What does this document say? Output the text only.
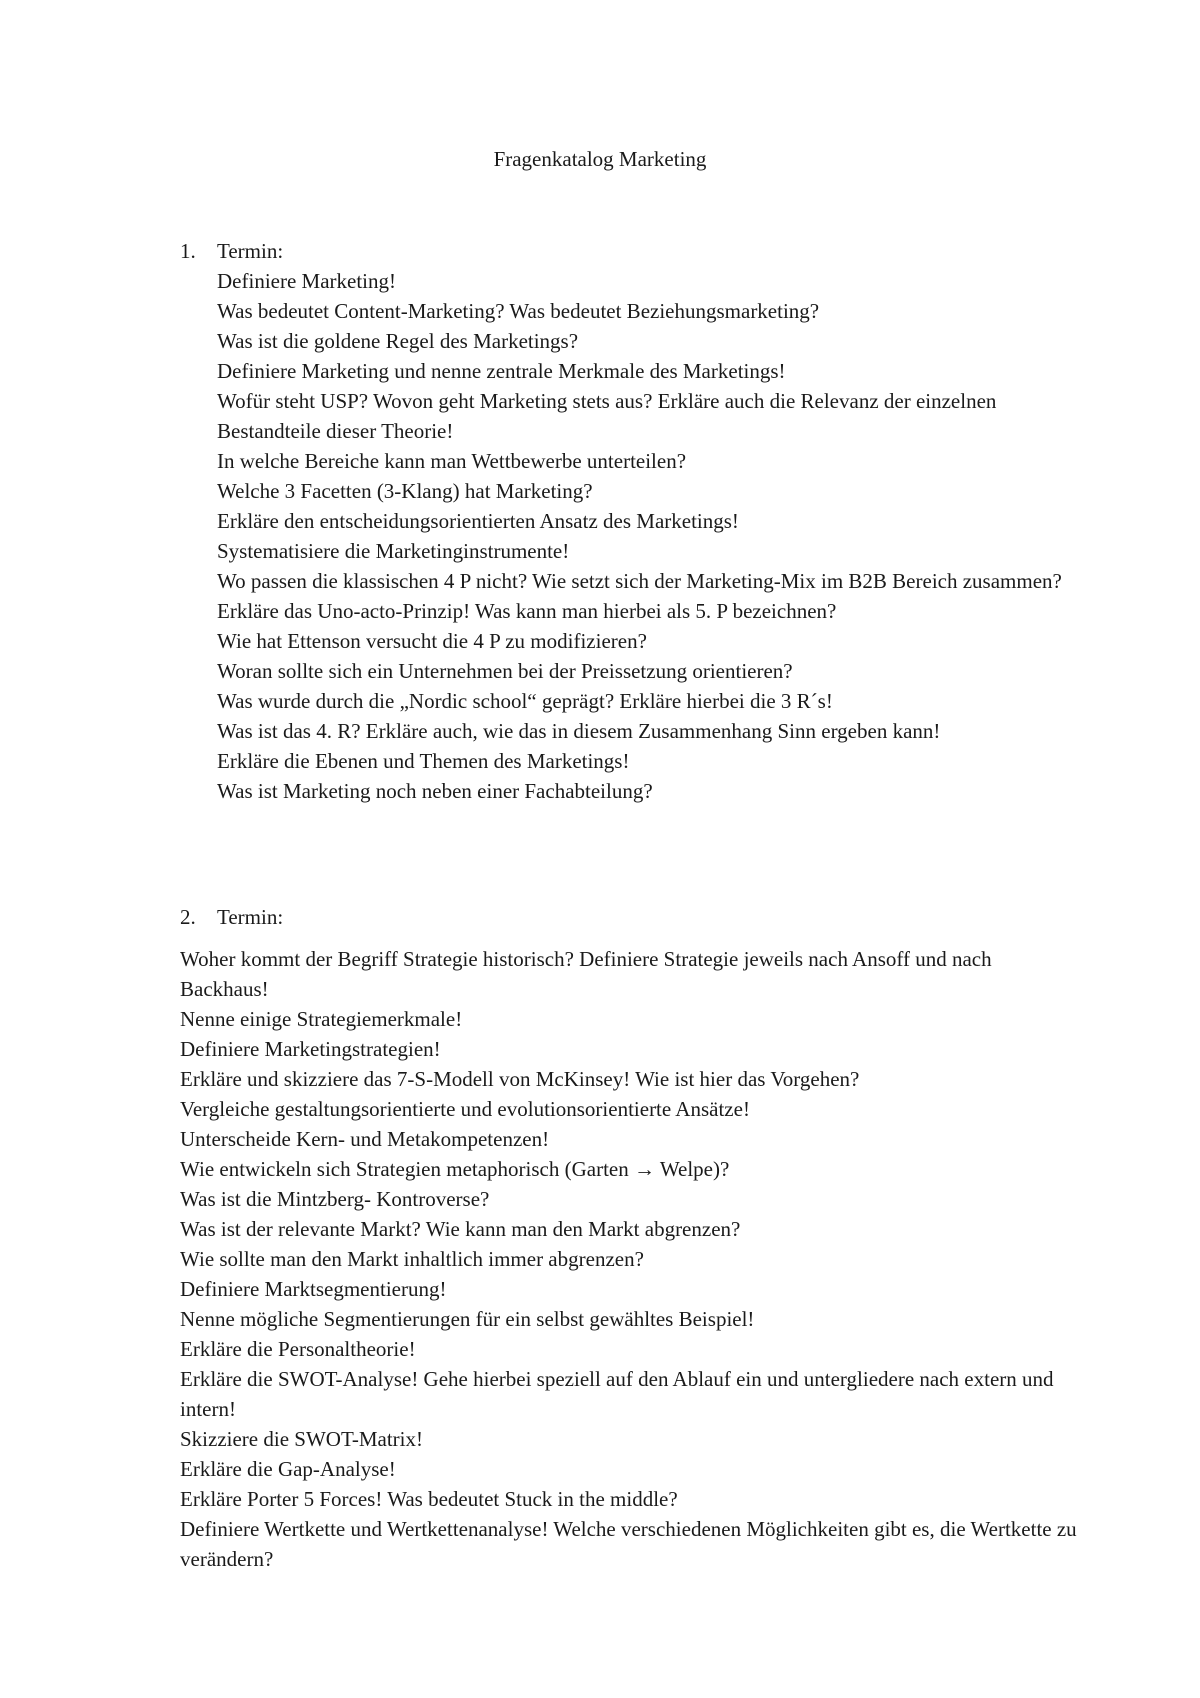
Fragenkatalog Marketing
1. Termin:
Definiere Marketing!
Was bedeutet Content-Marketing? Was bedeutet Beziehungsmarketing?
Was ist die goldene Regel des Marketings?
Definiere Marketing und nenne zentrale Merkmale des Marketings!
Wofür steht USP? Wovon geht Marketing stets aus? Erkläre auch die Relevanz der einzelnen Bestandteile dieser Theorie!
In welche Bereiche kann man Wettbewerbe unterteilen?
Welche 3 Facetten (3-Klang) hat Marketing?
Erkläre den entscheidungsorientierten Ansatz des Marketings!
Systematisiere die Marketinginstrumente!
Wo passen die klassischen 4 P nicht? Wie setzt sich der Marketing-Mix im B2B Bereich zusammen?
Erkläre das Uno-acto-Prinzip! Was kann man hierbei als 5. P bezeichnen?
Wie hat Ettenson versucht die 4 P zu modifizieren?
Woran sollte sich ein Unternehmen bei der Preissetzung orientieren?
Was wurde durch die „Nordic school“ geprägt? Erkläre hierbei die 3 R´s!
Was ist das 4. R? Erkläre auch, wie das in diesem Zusammenhang Sinn ergeben kann!
Erkläre die Ebenen und Themen des Marketings!
Was ist Marketing noch neben einer Fachabteilung?
2. Termin:
Woher kommt der Begriff Strategie historisch? Definiere Strategie jeweils nach Ansoff und nach Backhaus!
Nenne einige Strategiemerkmale!
Definiere Marketingstrategien!
Erkläre und skizziere das 7-S-Modell von McKinsey! Wie ist hier das Vorgehen?
Vergleiche gestaltungsorientierte und evolutionsorientierte Ansätze!
Unterscheide Kern- und Metakompetenzen!
Wie entwickeln sich Strategien metaphorisch (Garten → Welpe)?
Was ist die Mintzberg- Kontroverse?
Was ist der relevante Markt? Wie kann man den Markt abgrenzen?
Wie sollte man den Markt inhaltlich immer abgrenzen?
Definiere Marktsegmentierung!
Nenne mögliche Segmentierungen für ein selbst gewähltes Beispiel!
Erkläre die Personaltheorie!
Erkläre die SWOT-Analyse! Gehe hierbei speziell auf den Ablauf ein und untergliedere nach extern und intern!
Skizziere die SWOT-Matrix!
Erkläre die Gap-Analyse!
Erkläre Porter 5 Forces! Was bedeutet Stuck in the middle?
Definiere Wertkette und Wertkettenanalyse! Welche verschiedenen Möglichkeiten gibt es, die Wertkette zu verändern?
